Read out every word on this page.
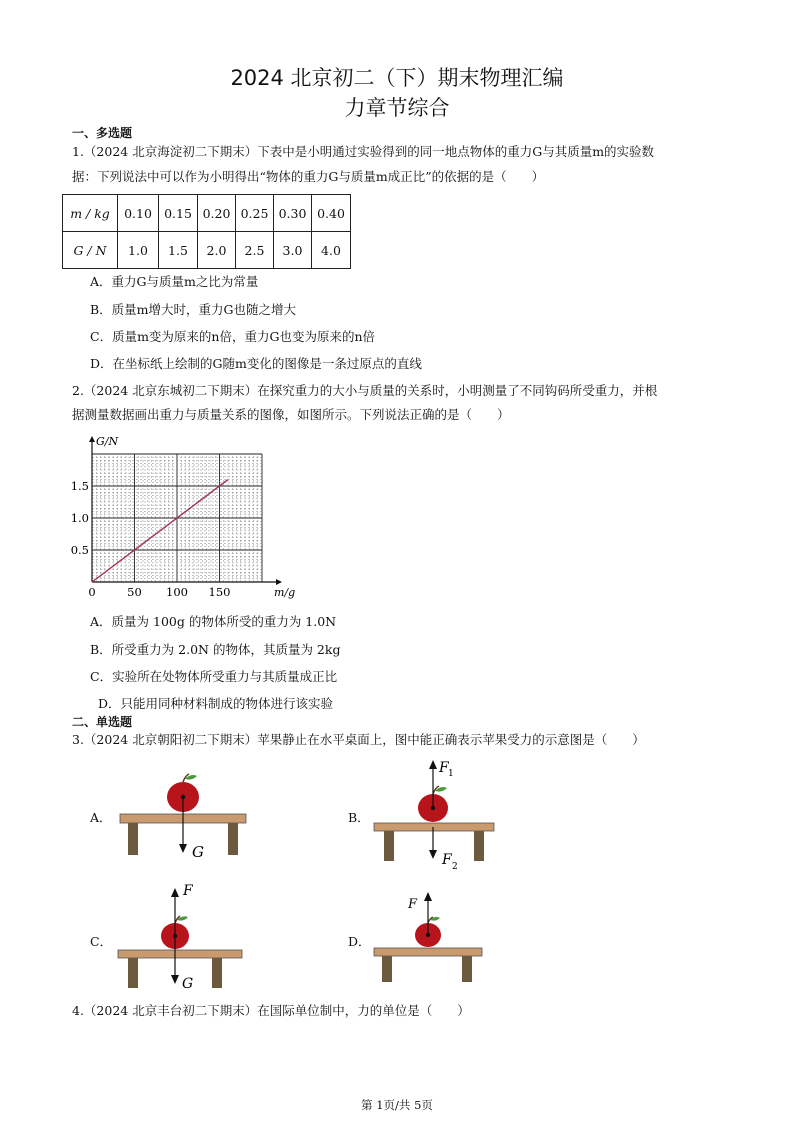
2024 北京初二（下）期末物理汇编
力章节综合
一、多选题
1.（2024 北京海淀初二下期末）下表中是小明通过实验得到的同一地点物体的重力G与其质量m的实验数
据：下列说法中可以作为小明得出“物体的重力G与质量m成正比”的依据的是（　　）
m / kg	0.10	0.15	0.20	0.25	0.30	0.40
G / N	1.0	1.5	2.0	2.5	3.0	4.0
A．重力G与质量m之比为常量
B．质量m增大时，重力G也随之增大
C．质量m变为原来的n倍，重力G也变为原来的n倍
D．在坐标纸上绘制的G随m变化的图像是一条过原点的直线
2.（2024 北京东城初二下期末）在探究重力的大小与质量的关系时，小明测量了不同钩码所受重力，并根
据测量数据画出重力与质量关系的图像，如图所示。下列说法正确的是（　　）
0	50 100 150
0.5
1.0
1.5
m/g
G/N
A．质量为 100g 的物体所受的重力为 1.0N
B．所受重力为 2.0N 的物体，其质量为 2kg
C．实验所在处物体所受重力与其质量成正比
D．只能用同种材料制成的物体进行该实验
二、单选题
3.（2024 北京朝阳初二下期末）苹果静止在水平桌面上，图中能正确表示苹果受力的示意图是（　　）
A．	B．
C．	D．
G
F 1
F 2
F
G
F
4.（2024 北京丰台初二下期末）在国际单位制中，力的单位是（　　）
第 1页/共 5页
